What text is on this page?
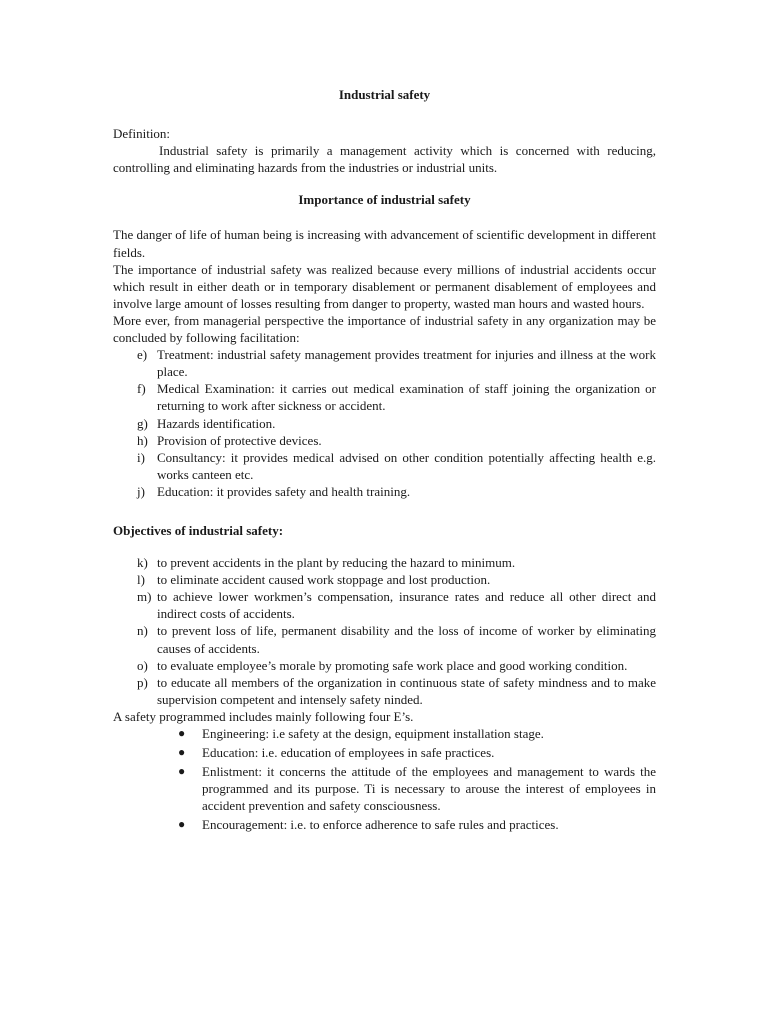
Industrial safety

Definition:

Industrial safety is primarily a management activity which is concerned with reducing, controlling and eliminating hazards from the industries or industrial units.

Importance of industrial safety

The danger of life of human being is increasing with advancement of scientific development in different fields.

The importance of industrial safety was realized because every millions of industrial accidents occur which result in either death or in temporary disablement or permanent disablement of employees and involve large amount of losses resulting from danger to property, wasted man hours and wasted hours.

More ever, from managerial perspective the importance of industrial safety in any organization may be concluded by following facilitation:

e) Treatment: industrial safety management provides treatment for injuries and illness at the work place.
f) Medical Examination: it carries out medical examination of staff joining the organization or returning to work after sickness or accident.
g) Hazards identification.
h) Provision of protective devices.
i) Consultancy: it provides medical advised on other condition potentially affecting health e.g. works canteen etc.
j) Education: it provides safety and health training.

Objectives of industrial safety:

k) to prevent accidents in the plant by reducing the hazard to minimum.
l) to eliminate accident caused work stoppage and lost production.
m) to achieve lower workmen’s compensation, insurance rates and reduce all other direct and indirect costs of accidents.
n) to prevent loss of life, permanent disability and the loss of income of worker by eliminating causes of accidents.
o) to evaluate employee’s morale by promoting safe work place and good working condition.
p) to educate all members of the organization in continuous state of safety mindness and to make supervision competent and intensely safety ninded.

A safety programmed includes mainly following four E’s.

●	Engineering: i.e safety at the design, equipment installation stage.
●	Education: i.e. education of employees in safe practices.
●	Enlistment: it concerns the attitude of the employees and management to wards the programmed and its purpose. Ti is necessary to arouse the interest of employees in accident prevention and safety consciousness.
●	Encouragement: i.e. to enforce adherence to safe rules and practices.
